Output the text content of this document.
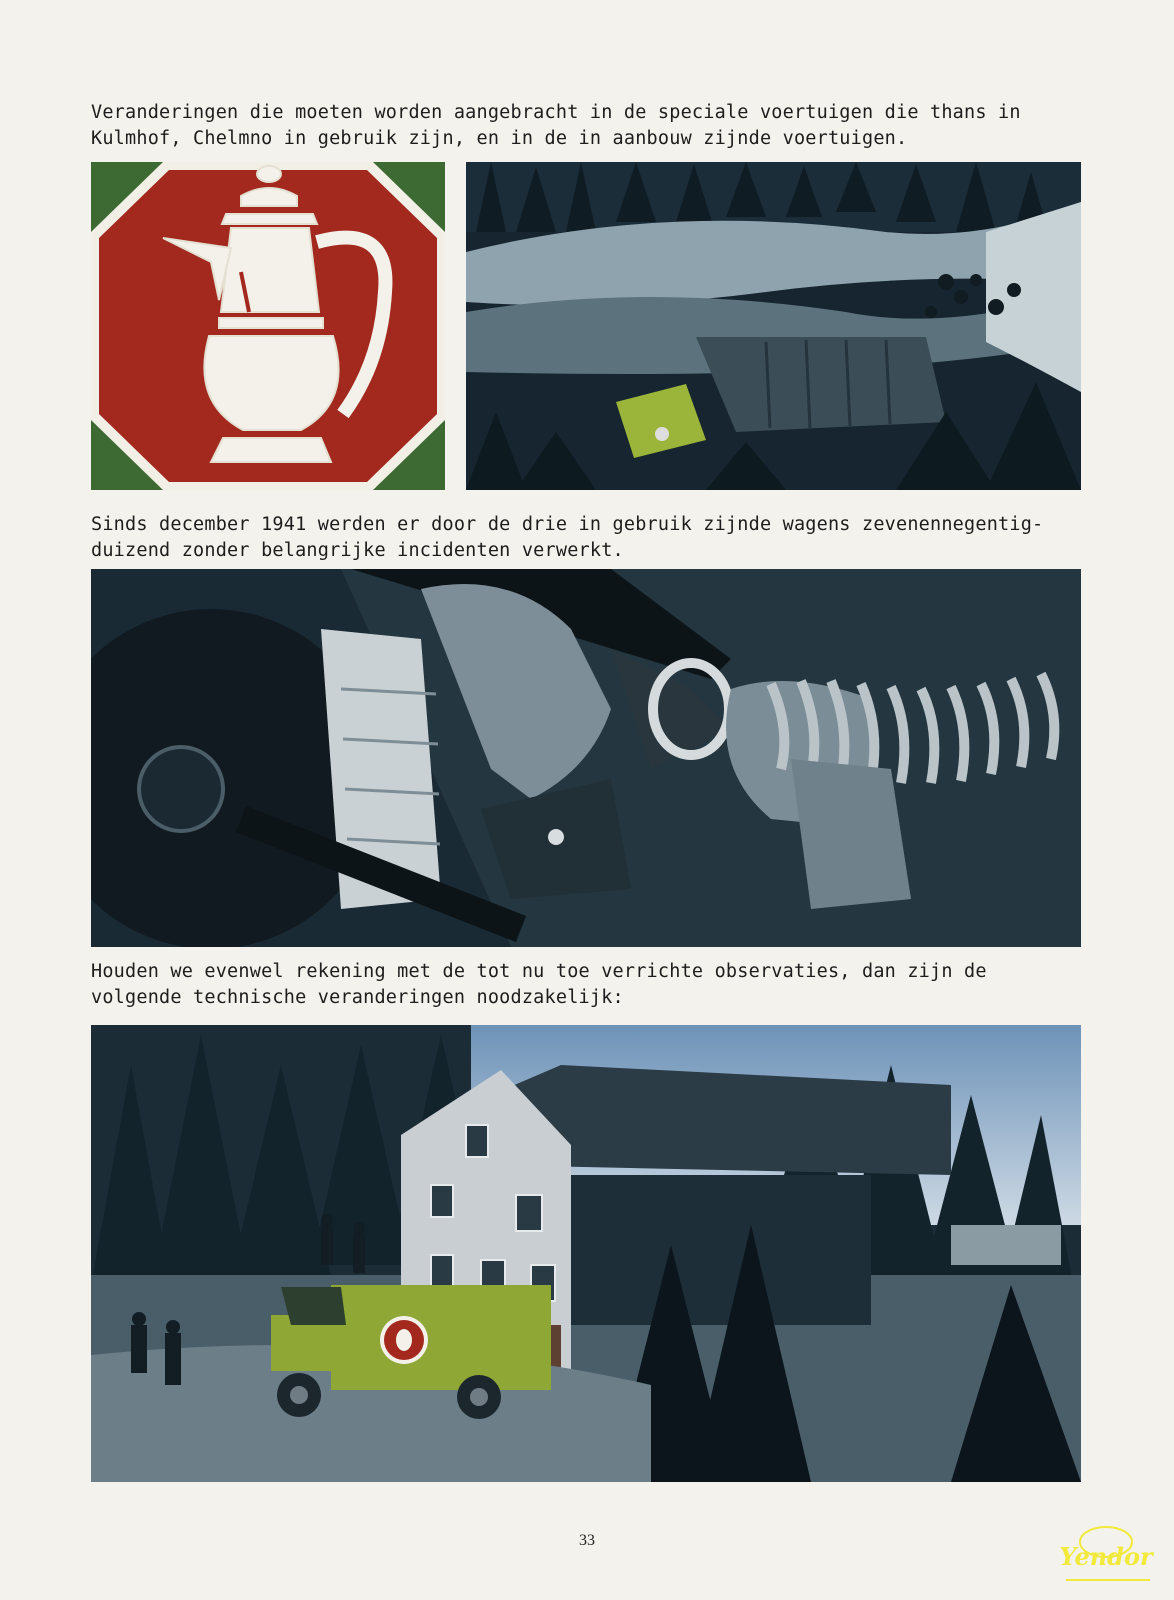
Veranderingen die moeten worden aangebracht in de speciale voertuigen die thans in
Kulmhof, Chelmno in gebruik zijn, en in de in aanbouw zijnde voertuigen.

Sinds december 1941 werden er door de drie in gebruik zijnde wagens zevenennegentig-
duizend zonder belangrijke incidenten verwerkt.

Houden we evenwel rekening met de tot nu toe verrichte observaties, dan zijn de
volgende technische veranderingen noodzakelijk:

33
Yendor
